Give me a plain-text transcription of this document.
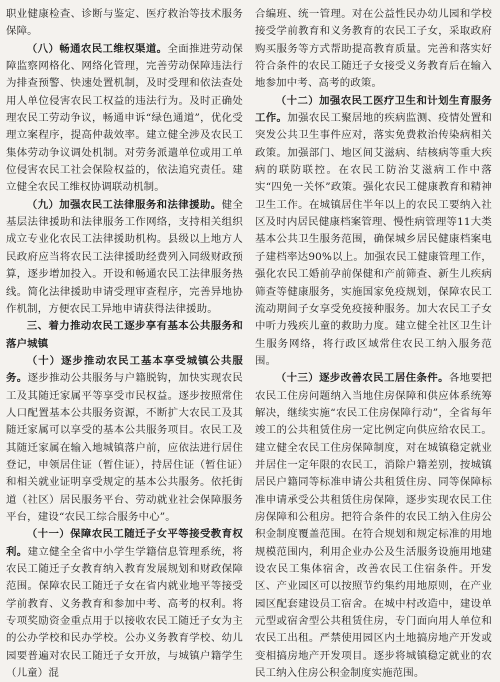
职业健康检查、诊断与鉴定、医疗救治等技术服务保障。

（八）畅通农民工维权渠道。全面推进劳动保障监察网格化、网络化管理，完善劳动保障违法行为排查预警、快速处置机制，及时受理和依法查处用人单位侵害农民工权益的违法行为。及时正确处理农民工劳动争议，畅通申诉“绿色通道”，优化受理立案程序，提高仲裁效率。建立健全涉及农民工集体劳动争议调处机制。对劳务派遣单位或用工单位侵害农民工社会保险权益的，依法追究责任。建立健全农民工维权协调联动机制。

（九）加强农民工法律服务和法律援助。健全基层法律援助和法律服务工作网络，支持相关组织成立专业化农民工法律援助机构。县级以上地方人民政府应当将农民工法律援助经费列入同级财政预算，逐步增加投入。开设和畅通农民工法律服务热线。简化法律援助申请受理审查程序，完善异地协作机制，方便农民工异地申请获得法律援助。

三、着力推动农民工逐步享有基本公共服务和落户城镇

（十）逐步推动农民工基本享受城镇公共服务。逐步推动公共服务与户籍脱钩，加快实现农民工及其随迁家属平等享受市民权益。逐步按照常住人口配置基本公共服务资源，不断扩大农民工及其随迁家属可以享受的基本公共服务项目。农民工及其随迁家属在输入地城镇落户前，应依法进行居住登记，申领居住证（暂住证），持居住证（暂住证）和相关就业证明享受规定的基本公共服务。依托街道（社区）居民服务平台、劳动就业社会保障服务平台，建设“农民工综合服务中心”。

（十一）保障农民工随迁子女平等接受教育权利。建立健全全省中小学生学籍信息管理系统，将农民工随迁子女教育纳入教育发展规划和财政保障范围。保障农民工随迁子女在省内就业地平等接受学前教育、义务教育和参加中考、高考的权利。将专项奖励资金重点用于以接收农民工随迁子女为主的公办学校和民办学校。公办义务教育学校、幼儿园要普遍对农民工随迁子女开放，与城镇户籍学生（儿童）混

合编班、统一管理。对在公益性民办幼儿园和学校接受学前教育和义务教育的农民工子女，采取政府购买服务等方式帮助提高教育质量。完善和落实好符合条件的农民工随迁子女接受义务教育后在输入地参加中考、高考的政策。

（十二）加强农民工医疗卫生和计划生育服务工作。加强农民工聚居地的疾病监测、疫情处置和突发公共卫生事件应对，落实免费救治传染病相关政策。加强部门、地区间艾滋病、结核病等重大疾病的联防联控。在农民工防治艾滋病工作中落实“四免一关怀”政策。强化农民工健康教育和精神卫生工作。在城镇居住半年以上的农民工要纳入社区及时内居民健康档案管理、慢性病管理等11大类基本公共卫生服务范围，确保城乡居民健康档案电子建档率达90%以上。加强农民工健康管理工作，强化农民工婚前孕前保健和产前筛查、新生儿疾病筛查等健康服务，实施国家免疫规划，保障农民工流动期间子女享受免疫接种服务。加大农民工子女中听力残疾儿童的救助力度。建立健全社区卫生计生服务网络，将行政区域常住农民工纳入服务范围。

（十三）逐步改善农民工居住条件。各地要把农民工住房问题纳入当地住房保障和供应体系统筹解决，继续实施“农民工住房保障行动”，全省每年竣工的公共租赁住房一定比例定向供应给农民工。建立健全农民工住房保障制度，对在城镇稳定就业并居住一定年限的农民工，消除户籍差别，按城镇居民户籍同等标准申请公共租赁住房、同等保障标准申请承受公共租赁住房保障，逐步实现农民工住房保障和公租房。把符合条件的农民工纳入住房公积金制度覆盖范围。在符合规划和规定标准的用地规模范围内，利用企业办公及生活服务设施用地建设农民工集体宿舍，改善农民工住宿条件。开发区、产业园区可以按照节约集约用地原则，在产业园区配套建设员工宿舍。在城中村改造中，建设单元型或宿舍型公共租赁住房，专门面向用人单位和农民工出租。严禁使用园区内土地搞房地产开发或变相搞房地产开发项目。逐步将城镇稳定就业的农民工纳入住房公积金制度实施范围。
